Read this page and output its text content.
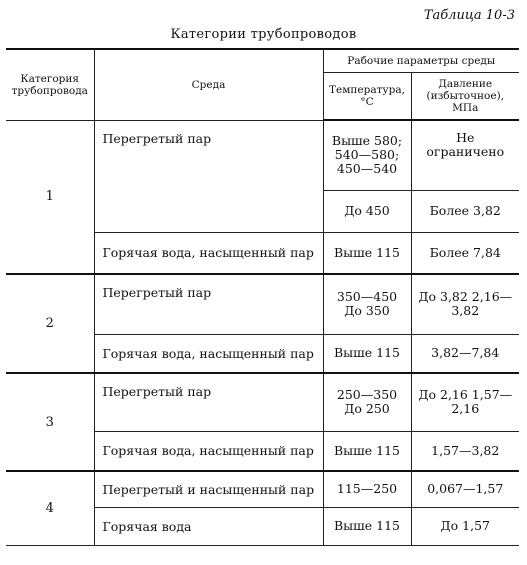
Таблица 10-3
Категории трубопроводов
Категория трубопровода	Среда	Рабочие параметры среды	
		Температура, °С	Давление (избыточное), МПа
1	Перегретый пар	Выше 580; 540—580; 450—540	Не ограничено
		До 450	Более 3,82
	Горячая вода, насыщенный пар	Выше 115	Более 7,84
2	Перегретый пар	350—450 До 350	До 3,82 2,16—3,82
	Горячая вода, насыщенный пар	Выше 115	3,82—7,84
3	Перегретый пар	250—350 До 250	До 2,16 1,57—2,16
	Горячая вода, насыщенный пар	Выше 115	1,57—3,82
4	Перегретый и насыщенный пар	115—250	0,067—1,57
	Горячая вода	Выше 115	До 1,57
